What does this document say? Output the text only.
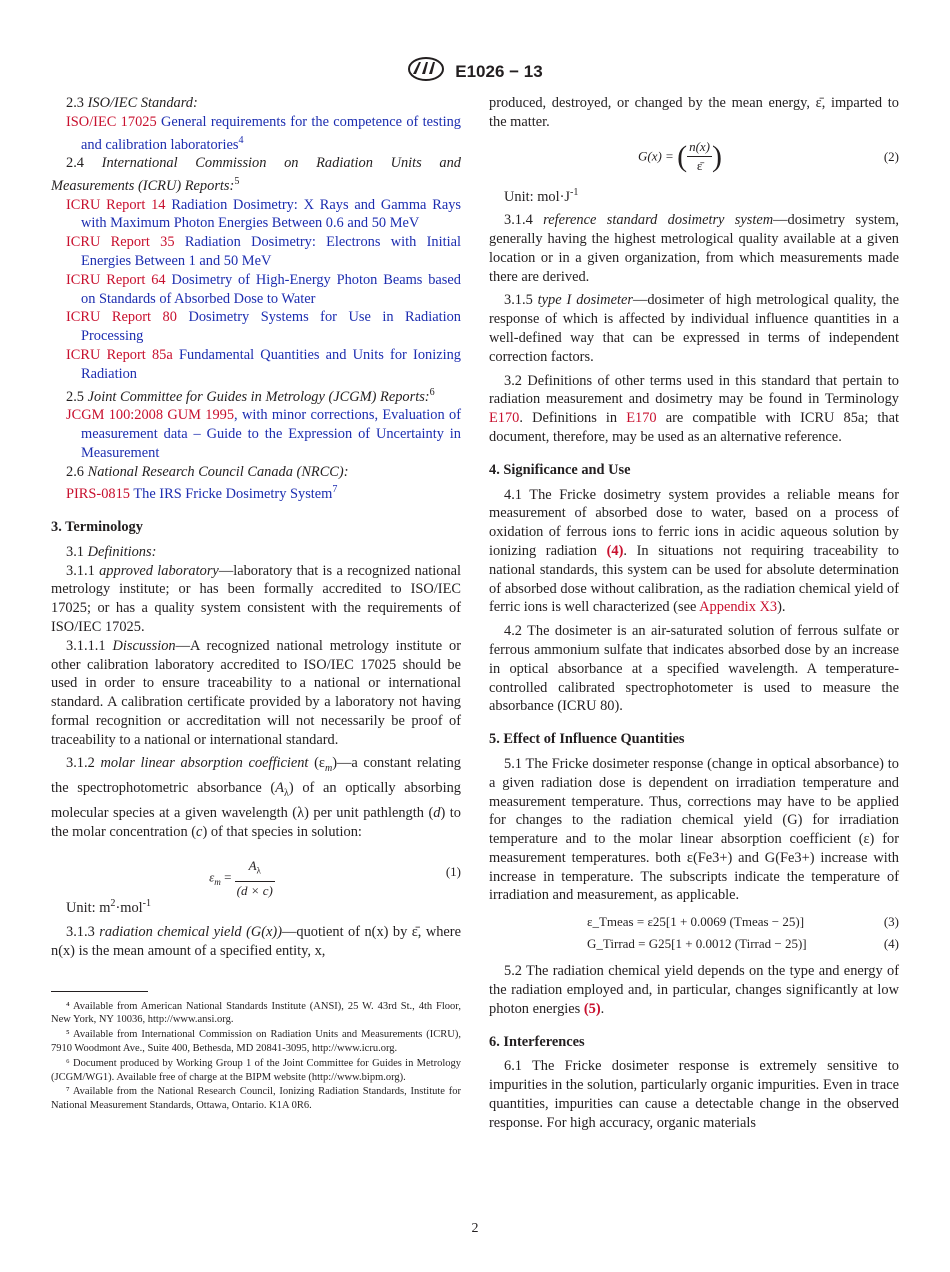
E1026 − 13

2.3 ISO/IEC Standard:

ISO/IEC 17025 General requirements for the competence of testing and calibration laboratories$^4$

2.4 International Commission on Radiation Units and Measurements (ICRU) Reports:$^5$

ICRU Report 14 Radiation Dosimetry: X Rays and Gamma Rays with Maximum Photon Energies Between 0.6 and 50 MeV

ICRU Report 35 Radiation Dosimetry: Electrons with Initial Energies Between 1 and 50 MeV

ICRU Report 64 Dosimetry of High-Energy Photon Beams based on Standards of Absorbed Dose to Water

ICRU Report 80 Dosimetry Systems for Use in Radiation Processing

ICRU Report 85a Fundamental Quantities and Units for Ionizing Radiation

2.5 Joint Committee for Guides in Metrology (JCGM) Reports:$^6$

JCGM 100:2008 GUM 1995, with minor corrections, Evaluation of measurement data – Guide to the Expression of Uncertainty in Measurement

2.6 National Research Council Canada (NRCC):

PIRS-0815 The IRS Fricke Dosimetry System$^7$

3. Terminology

3.1 Definitions:

3.1.1 approved laboratory—laboratory that is a recognized national metrology institute; or has been formally accredited to ISO/IEC 17025; or has a quality system consistent with the requirements of ISO/IEC 17025.

3.1.1.1 Discussion—A recognized national metrology institute or other calibration laboratory accredited to ISO/IEC 17025 should be used in order to ensure traceability to a national or international standard. A calibration certificate provided by a laboratory not having formal recognition or accreditation will not necessarily be proof of traceability to a national or international standard.

3.1.2 molar linear absorption coefficient $(\varepsilon_m)—a$ constant relating the spectrophotometric absorbance $(A_\lambda)$ of an optically absorbing molecular species at a given wavelength (λ) per unit pathlength (d) to the molar concentration (c) of that species in solution:

$\varepsilon_m = \frac{A_\lambda}{(d \times c)}$	(1)

Unit: $m^2\cdot mol^{-1}$

3.1.3 radiation chemical yield (G(x))—quotient of n(x) by ε̄, where n(x) is the mean amount of a specified entity, x,

⁴ Available from American National Standards Institute (ANSI), 25 W. 43rd St., 4th Floor, New York, NY 10036, http://www.ansi.org.

⁵ Available from International Commission on Radiation Units and Measurements (ICRU), 7910 Woodmont Ave., Suite 400, Bethesda, MD 20841-3095, http://www.icru.org.

⁶ Document produced by Working Group 1 of the Joint Committee for Guides in Metrology (JCGM/WG1). Available free of charge at the BIPM website (http://www.bipm.org).

⁷ Available from the National Research Council, Ionizing Radiation Standards, Institute for National Measurement Standards, Ottawa, Ontario. K1A 0R6.

produced, destroyed, or changed by the mean energy, ε̄, imparted to the matter.

G(x) = ( $\frac{n(x)}{\varepsilon̄}$ )	(2)

Unit: $mol\cdot J^{-1}$

3.1.4 reference standard dosimetry system—dosimetry system, generally having the highest metrological quality available at a given location or in a given organization, from which measurements made there are derived.

3.1.5 type I dosimeter—dosimeter of high metrological quality, the response of which is affected by individual influence quantities in a well-defined way that can be expressed in terms of independent correction factors.

3.2 Definitions of other terms used in this standard that pertain to radiation measurement and dosimetry may be found in Terminology E170. Definitions in E170 are compatible with ICRU 85a; that document, therefore, may be used as an alternative reference.

4. Significance and Use

4.1 The Fricke dosimetry system provides a reliable means for measurement of absorbed dose to water, based on a process of oxidation of ferrous ions to ferric ions in acidic aqueous solution by ionizing radiation (4). In situations not requiring traceability to national standards, this system can be used for absolute determination of absorbed dose without calibration, as the radiation chemical yield of ferric ions is well characterized (see Appendix X3).

4.2 The dosimeter is an air-saturated solution of ferrous sulfate or ferrous ammonium sulfate that indicates absorbed dose by an increase in optical absorbance at a specified wavelength. A temperature-controlled calibrated spectrophotometer is used to measure the absorbance (ICRU 80).

5. Effect of Influence Quantities

5.1 The Fricke dosimeter response (change in optical absorbance) to a given radiation dose is dependent on irradiation temperature and measurement temperature. Thus, corrections may have to be applied for changes to the radiation chemical yield (G) for irradiation temperature and to the molar linear absorption coefficient (ε) for measurement temperatures. both ε(Fe3+) and G(Fe3+) increase with increase in temperature. The subscripts indicate the temperature of irradiation and measurement, as applicable.

ε_Tmeas = ε25[1 + 0.0069 (Tmeas − 25)]	(3)
G_Tirrad = G25[1 + 0.0012 (Tirrad − 25)]	(4)

5.2 The radiation chemical yield depends on the type and energy of the radiation employed and, in particular, changes significantly at low photon energies (5).

6. Interferences

6.1 The Fricke dosimeter response is extremely sensitive to impurities in the solution, particularly organic impurities. Even in trace quantities, impurities can cause a detectable change in the observed response. For high accuracy, organic materials

2
